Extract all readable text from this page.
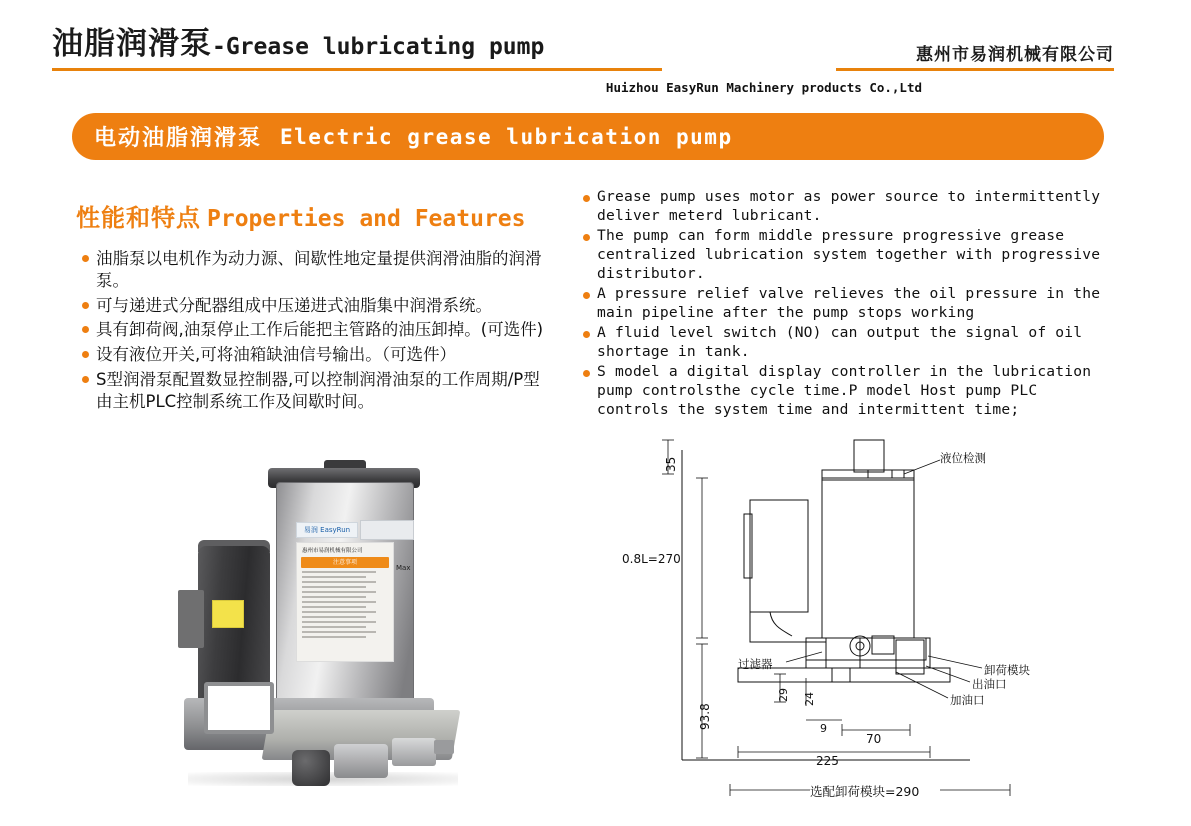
油脂润滑泵-Grease lubricating pump	惠州市易润机械有限公司
Huizhou EasyRun Machinery products Co.,Ltd
电动油脂润滑泵 Electric grease lubrication pump
性能和特点 Properties and Features
油脂泵以电机作为动力源、间歇性地定量提供润滑油脂的润滑泵。
可与递进式分配器组成中压递进式油脂集中润滑系统。
具有卸荷阀,油泵停止工作后能把主管路的油压卸掉。(可选件)
设有液位开关,可将油箱缺油信号输出。（可选件）
S型润滑泵配置数显控制器,可以控制润滑油泵的工作周期/P型由主机PLC控制系统工作及间歇时间。
Grease pump uses motor as power source to intermittently deliver meterd lubricant.
The pump can form middle pressure progressive grease centralized lubrication system together with progressive distributor.
A pressure relief valve relieves the oil pressure in the main pipeline after the pump stops working
A fluid level switch (NO) can output the signal of oil shortage in tank.
S model a digital display controller in the lubrication pump controlsthe cycle time.P model Host pump PLC controls the system time and intermittent time;
易润 EasyRun
惠州市易润机械有限公司
注意事项
Max
液位检测
过滤器	卸荷模块
出油口
加油口
选配卸荷模块=290
35
0.8L=270
93.8
29 24
9
70
225
